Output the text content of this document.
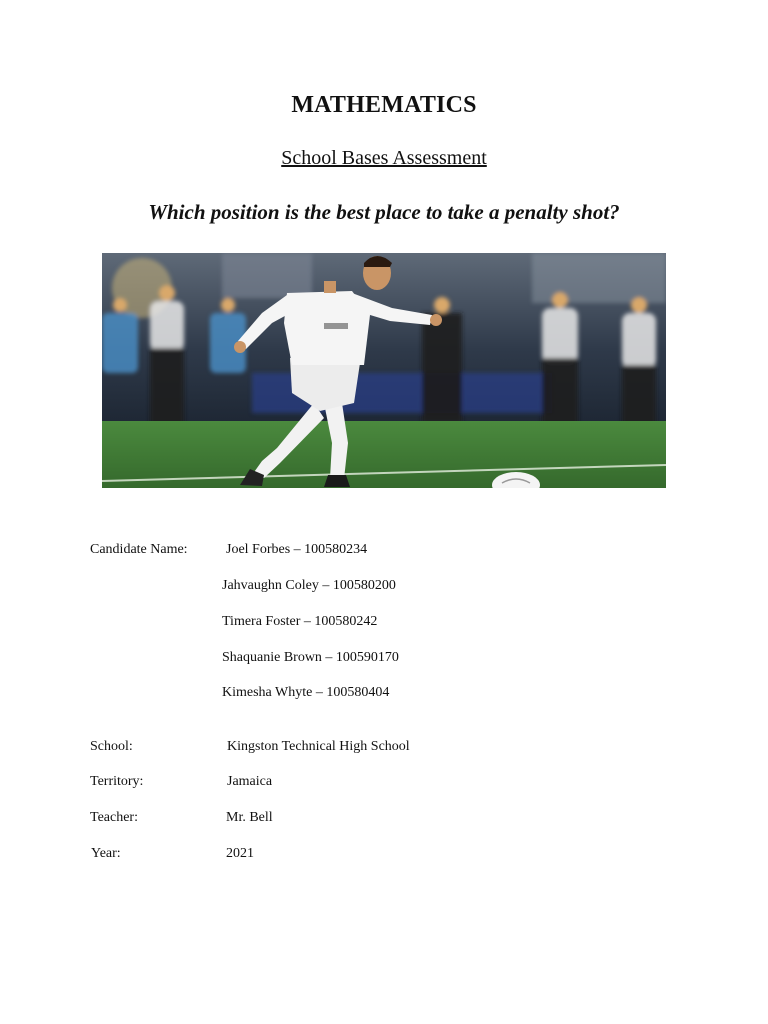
MATHEMATICS
School Bases Assessment
Which position is the best place to take a penalty shot?
Candidate Name:	Joel Forbes – 100580234
Jahvaughn Coley – 100580200
Timera Foster – 100580242
Shaquanie Brown – 100590170
Kimesha Whyte – 100580404
School:	Kingston Technical High School
Territory:	Jamaica
Teacher:	Mr. Bell
Year:	2021
